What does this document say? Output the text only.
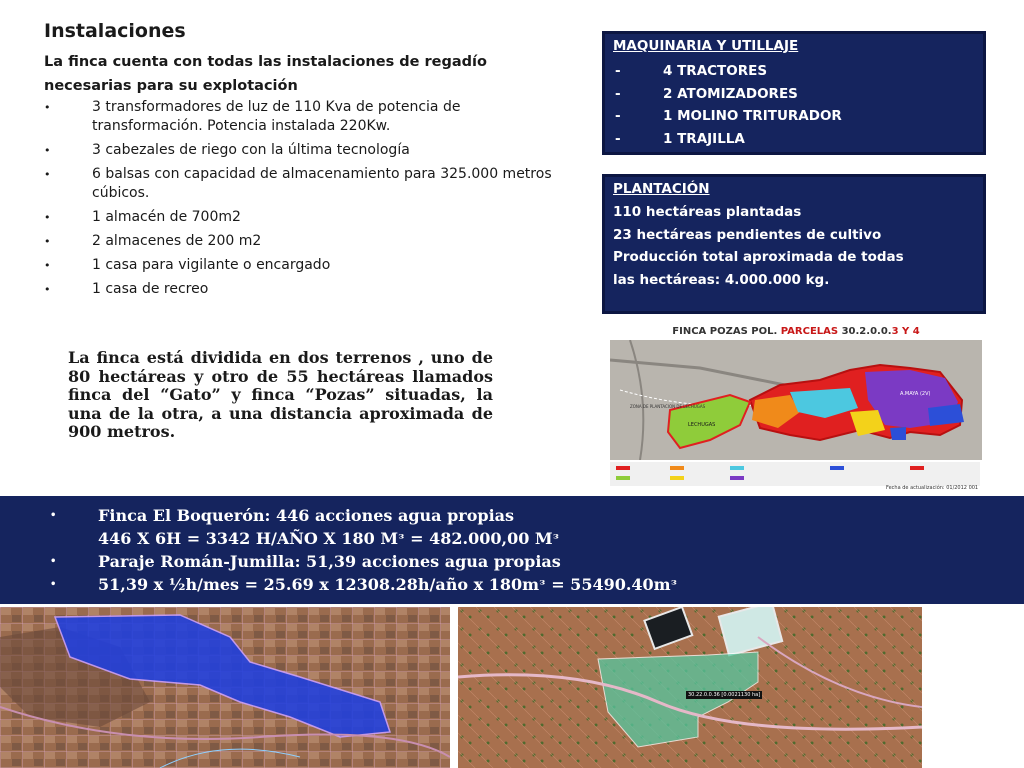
Instalaciones
La finca cuenta con todas las instalaciones de regadío necesarias para su explotación
•	3 transformadores de luz de 110 Kva de potencia de transformación. Potencia instalada 220Kw.
•	3 cabezales de riego con la última tecnología
•	6 balsas con capacidad de almacenamiento para 325.000 metros cúbicos.
•	1 almacén de 700m2
•	2 almacenes de 200 m2
•	1 casa para vigilante o encargado
•	1 casa de recreo
MAQUINARIA Y UTILLAJE
-	4 TRACTORES
-	2 ATOMIZADORES
-	1 MOLINO TRITURADOR
-	1 TRAJILLA
PLANTACIÓN
110 hectáreas plantadas
23 hectáreas pendientes de cultivo
Producción total aproximada de todas
las hectáreas: 4.000.000 kg.
FINCA POZAS POL. PARCELAS 30.2.0.0.3 Y 4
A.MAYA (2V)
ZONA DE PLANTACION DE LECHUGAS
LECHUGAS
Fecha de actualización: 01/2012 001
La finca está dividida en dos terrenos , uno de 80 hectáreas y otro de 55 hectáreas llamados finca del “Gato” y finca “Pozas” situadas, la una de la otra, a una distancia aproximada de 900 metros.
•	Finca El Boquerón: 446 acciones agua propias
446 X 6H = 3342 H/AÑO X 180 Mᵌ = 482.000,00 Mᵌ
•	Paraje Román-Jumilla: 51,39 acciones agua propias
•	51,39 x ½h/mes = 25.69 x 12308.28h/año x 180mᵌ = 55490.40mᵌ
30.22.0.0.36 [0.0021130 ha]
